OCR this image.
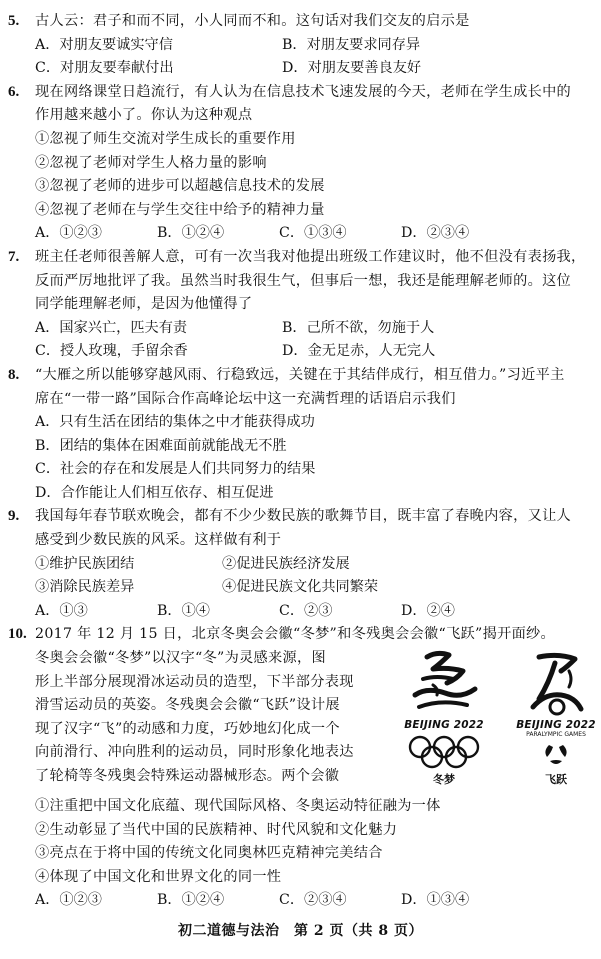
5.	古人云：君子和而不同，小人同而不和。这句话对我们交友的启示是
A．对朋友要诚实守信	B．对朋友要求同存异
C．对朋友要奉献付出	D．对朋友要善良友好
6.	现在网络课堂日趋流行，有人认为在信息技术飞速发展的今天，老师在学生成长中的
作用越来越小了。你认为这种观点
①忽视了师生交流对学生成长的重要作用
②忽视了老师对学生人格力量的影响
③忽视了老师的进步可以超越信息技术的发展
④忽视了老师在与学生交往中给予的精神力量
A．①②③	B．①②④	C．①③④	D．②③④
7.	班主任老师很善解人意，可有一次当我对他提出班级工作建议时，他不但没有表扬我，
反而严厉地批评了我。虽然当时我很生气，但事后一想，我还是能理解老师的。这位
同学能理解老师，是因为他懂得了
A．国家兴亡，匹夫有责	B．己所不欲，勿施于人
C．授人玫瑰，手留余香	D．金无足赤，人无完人
8.	“大雁之所以能够穿越风雨、行稳致远，关键在于其结伴成行，相互借力。”习近平主
席在“一带一路”国际合作高峰论坛中这一充满哲理的话语启示我们
A．只有生活在团结的集体之中才能获得成功
B．团结的集体在困难面前就能战无不胜
C．社会的存在和发展是人们共同努力的结果
D．合作能让人们相互依存、相互促进
9.	我国每年春节联欢晚会，都有不少少数民族的歌舞节目，既丰富了春晚内容，又让人
感受到少数民族的风采。这样做有利于
①维护民族团结	②促进民族经济发展
③消除民族差异	④促进民族文化共同繁荣
A．①③	B．①④	C．②③	D．②④
10. 2017 年 12 月 15 日，北京冬奥会会徽“冬梦”和冬残奥会会徽“飞跃”揭开面纱。
冬奥会会徽“冬梦”以汉字“冬”为灵感来源，图
形上半部分展现滑冰运动员的造型，下半部分表现
滑雪运动员的英姿。冬残奥会会徽“飞跃”设计展
现了汉字“飞”的动感和力度，巧妙地幻化成一个
向前滑行、冲向胜利的运动员，同时形象化地表达
了轮椅等冬残奥会特殊运动器械形态。两个会徽
BEIJING 2022
冬梦
BEIJING 2022
PARALYMPIC GAMES
飞跃
①注重把中国文化底蕴、现代国际风格、冬奥运动特征融为一体
②生动彰显了当代中国的民族精神、时代风貌和文化魅力
③亮点在于将中国的传统文化同奥林匹克精神完美结合
④体现了中国文化和世界文化的同一性
A．①②③	B．①②④	C．②③④	D．①③④
初二道德与法治　第 2 页（共 8 页）
